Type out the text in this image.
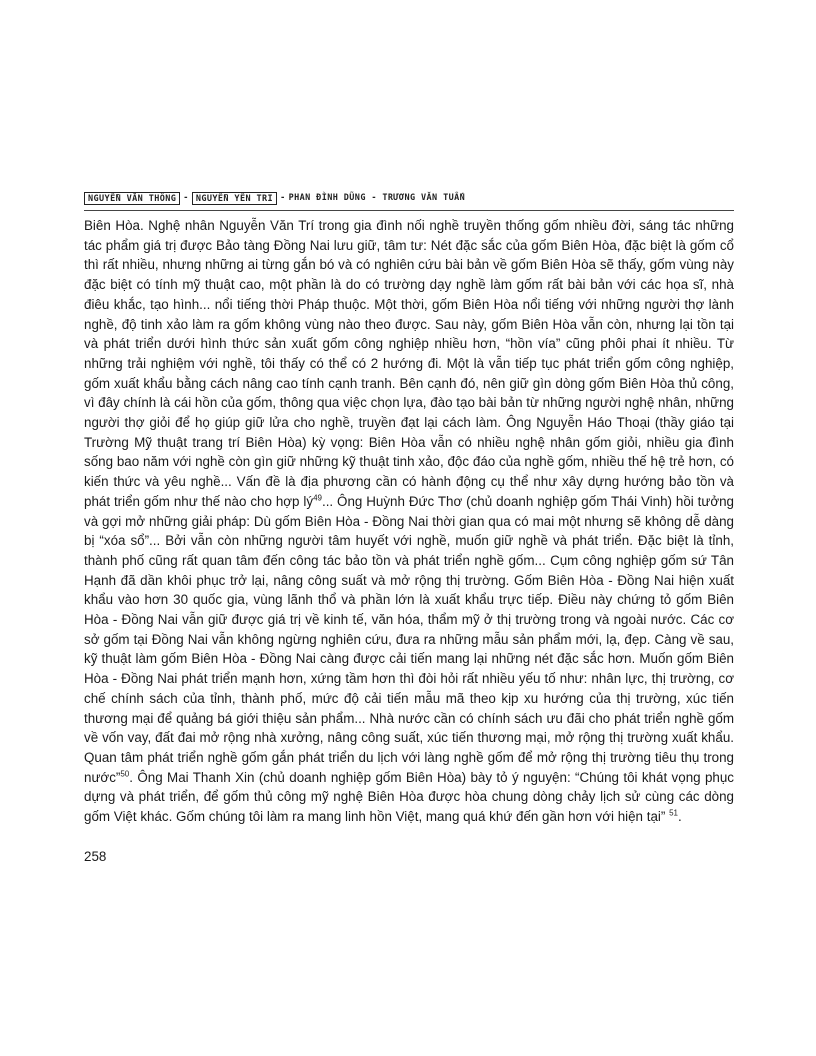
NGUYỄN VĂN THÔNG - NGUYỄN YÊN TRI - PHAN ĐÌNH DŨNG - TRƯƠNG VĂN TUẤN

Biên Hòa. Nghệ nhân Nguyễn Văn Trí trong gia đình nối nghề truyền thống gốm nhiều đời, sáng tác những tác phẩm giá trị được Bảo tàng Đồng Nai lưu giữ, tâm tư: Nét đặc sắc của gốm Biên Hòa, đặc biệt là gốm cổ thì rất nhiều, nhưng những ai từng gắn bó và có nghiên cứu bài bản về gốm Biên Hòa sẽ thấy, gốm vùng này đặc biệt có tính mỹ thuật cao, một phần là do có trường dạy nghề làm gốm rất bài bản với các họa sĩ, nhà điêu khắc, tạo hình... nổi tiếng thời Pháp thuộc. Một thời, gốm Biên Hòa nổi tiếng với những người thợ lành nghề, độ tinh xảo làm ra gốm không vùng nào theo được. Sau này, gốm Biên Hòa vẫn còn, nhưng lại tồn tại và phát triển dưới hình thức sản xuất gốm công nghiệp nhiều hơn, “hồn vía” cũng phôi phai ít nhiều. Từ những trải nghiệm với nghề, tôi thấy có thể có 2 hướng đi. Một là vẫn tiếp tục phát triển gốm công nghiệp, gốm xuất khẩu bằng cách nâng cao tính cạnh tranh. Bên cạnh đó, nên giữ gìn dòng gốm Biên Hòa thủ công, vì đây chính là cái hồn của gốm, thông qua việc chọn lựa, đào tạo bài bản từ những người nghệ nhân, những người thợ giỏi để họ giúp giữ lửa cho nghề, truyền đạt lại cách làm. Ông Nguyễn Háo Thoại (thầy giáo tại Trường Mỹ thuật trang trí Biên Hòa) kỳ vọng: Biên Hòa vẫn có nhiều nghệ nhân gốm giỏi, nhiều gia đình sống bao năm với nghề còn gìn giữ những kỹ thuật tinh xảo, độc đáo của nghề gốm, nhiều thế hệ trẻ hơn, có kiến thức và yêu nghề... Vấn đề là địa phương cần có hành động cụ thể như xây dựng hướng bảo tồn và phát triển gốm như thế nào cho hợp $lý^{49}$... Ông Huỳnh Đức Thơ (chủ doanh nghiệp gốm Thái Vinh) hồi tưởng và gợi mở những giải pháp: Dù gốm Biên Hòa - Đồng Nai thời gian qua có mai một nhưng sẽ không dễ dàng bị “xóa sổ”... Bởi vẫn còn những người tâm huyết với nghề, muốn giữ nghề và phát triển. Đặc biệt là tỉnh, thành phố cũng rất quan tâm đến công tác bảo tồn và phát triển nghề gốm... Cụm công nghiệp gốm sứ Tân Hạnh đã dần khôi phục trở lại, nâng công suất và mở rộng thị trường. Gốm Biên Hòa - Đồng Nai hiện xuất khẩu vào hơn 30 quốc gia, vùng lãnh thổ và phần lớn là xuất khẩu trực tiếp. Điều này chứng tỏ gốm Biên Hòa - Đồng Nai vẫn giữ được giá trị về kinh tế, văn hóa, thẩm mỹ ở thị trường trong và ngoài nước. Các cơ sở gốm tại Đồng Nai vẫn không ngừng nghiên cứu, đưa ra những mẫu sản phẩm mới, lạ, đẹp. Càng về sau, kỹ thuật làm gốm Biên Hòa - Đồng Nai càng được cải tiến mang lại những nét đặc sắc hơn. Muốn gốm Biên Hòa - Đồng Nai phát triển mạnh hơn, xứng tầm hơn thì đòi hỏi rất nhiều yếu tố như: nhân lực, thị trường, cơ chế chính sách của tỉnh, thành phố, mức độ cải tiến mẫu mã theo kịp xu hướng của thị trường, xúc tiến thương mại để quảng bá giới thiệu sản phẩm... Nhà nước cần có chính sách ưu đãi cho phát triển nghề gốm về vốn vay, đất đai mở rộng nhà xưởng, nâng công suất, xúc tiến thương mại, mở rộng thị trường xuất khẩu. Quan tâm phát triển nghề gốm gắn phát triển du lịch với làng nghề gốm để mở rộng thị trường tiêu thụ trong nước”$^{50}$. Ông Mai Thanh Xin (chủ doanh nghiệp gốm Biên Hòa) bày tỏ ý nguyện: “Chúng tôi khát vọng phục dựng và phát triển, để gốm thủ công mỹ nghệ Biên Hòa được hòa chung dòng chảy lịch sử cùng các dòng gốm Việt khác. Gốm chúng tôi làm ra mang linh hồn Việt, mang quá khứ đến gần hơn với hiện tại” $^{51}$.

258
